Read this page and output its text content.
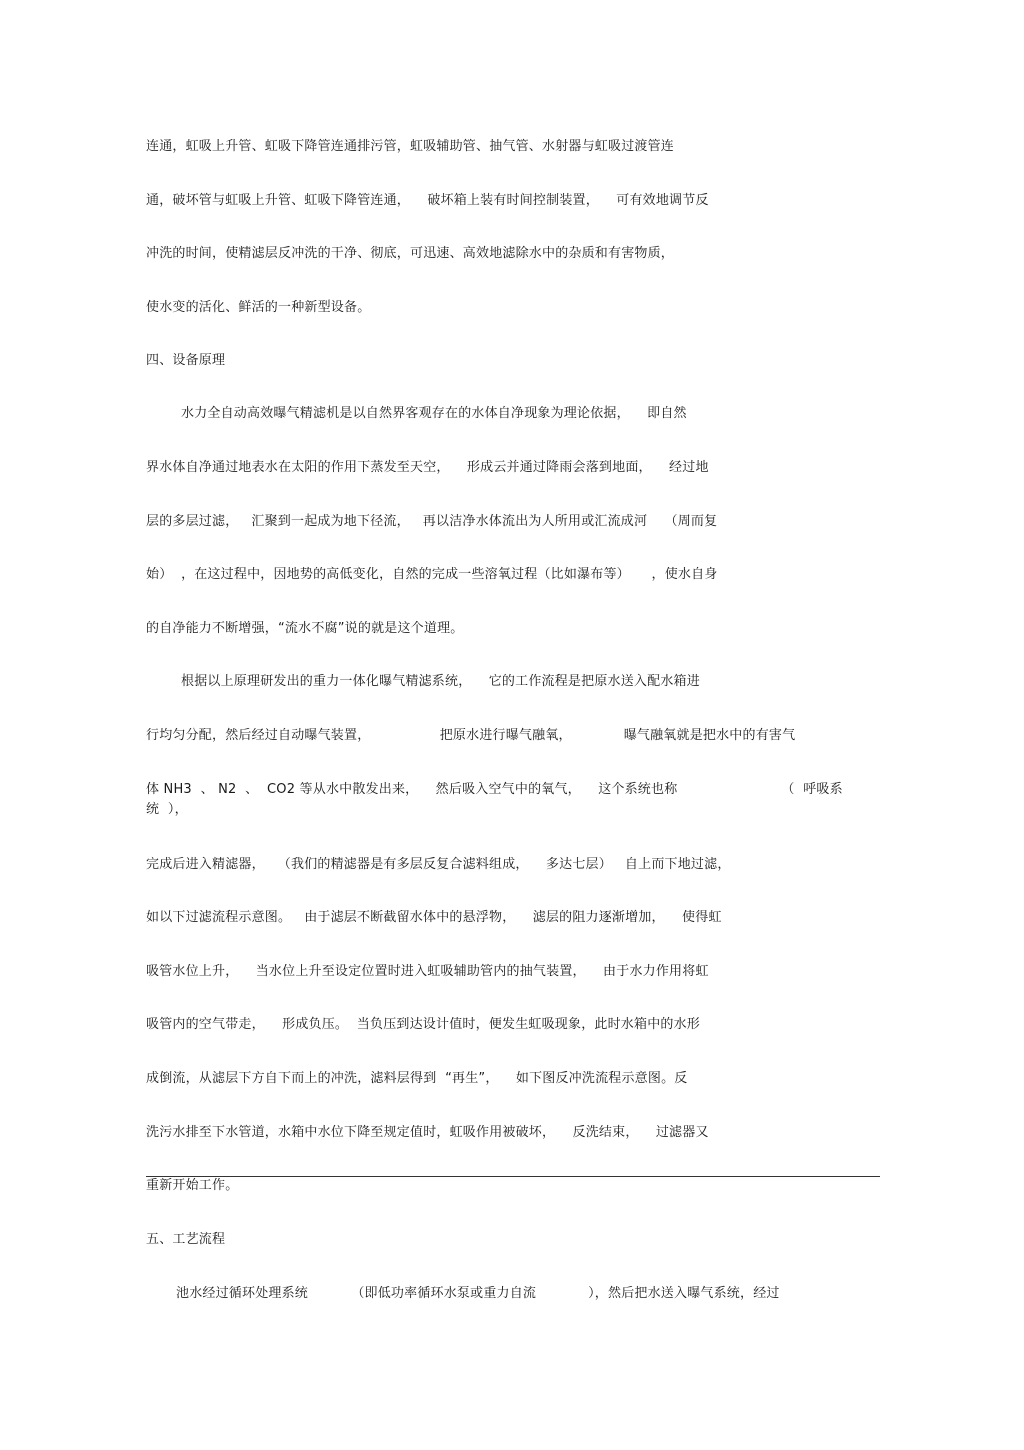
连通，虹吸上升管、虹吸下降管连通排污管，虹吸辅助管、抽气管、水射器与虹吸过渡管连
通，破坏管与虹吸上升管、虹吸下降管连通，    破坏箱上装有时间控制装置，    可有效地调节反
冲洗的时间，使精滤层反冲洗的干净、彻底，可迅速、高效地滤除水中的杂质和有害物质，
使水变的活化、鲜活的一种新型设备。
四、设备原理
水力全自动高效曝气精滤机是以自然界客观存在的水体自净现象为理论依据，    即自然
界水体自净通过地表水在太阳的作用下蒸发至天空，    形成云并通过降雨会落到地面，    经过地
层的多层过滤，   汇聚到一起成为地下径流，   再以洁净水体流出为人所用或汇流成河    （周而复
始）  ，在这过程中，因地势的高低变化，自然的完成一些溶氧过程（比如瀑布等）     ，使水自身
的自净能力不断增强，“流水不腐”说的就是这个道理。
根据以上原理研发出的重力一体化曝气精滤系统，    它的工作流程是把原水送入配水箱进
行均匀分配，然后经过自动曝气装置，                把原水进行曝气融氧，            曝气融氧就是把水中的有害气
体 NH3  、 N2  、  CO2 等从水中散发出来，    然后吸入空气中的氧气，    这个系统也称                        （  呼吸系
统  ），
完成后进入精滤器，   （我们的精滤器是有多层反复合滤料组成，    多达七层）   自上而下地过滤，
如以下过滤流程示意图。   由于滤层不断截留水体中的悬浮物，    滤层的阻力逐渐增加，    使得虹
吸管水位上升，    当水位上升至设定位置时进入虹吸辅助管内的抽气装置，    由于水力作用将虹
吸管内的空气带走，    形成负压。  当负压到达设计值时，便发生虹吸现象，此时水箱中的水形
成倒流，从滤层下方自下而上的冲洗，滤料层得到  “再生”，    如下图反冲洗流程示意图。反
洗污水排至下水管道，水箱中水位下降至规定值时，虹吸作用被破坏，    反洗结束，    过滤器又
重新开始工作。
五、工艺流程
池水经过循环处理系统          （即低功率循环水泵或重力自流            ），然后把水送入曝气系统，经过
